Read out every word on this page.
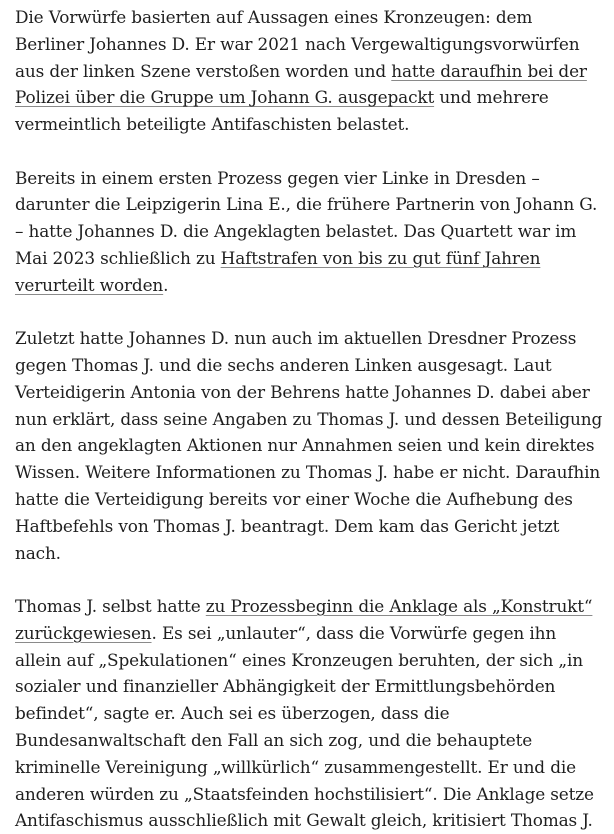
Die Vorwürfe basierten auf Aussagen eines Kronzeugen: dem Berliner Johannes D. Er war 2021 nach Vergewaltigungsvorwürfen aus der linken Szene verstoßen worden und hatte daraufhin bei der Polizei über die Gruppe um Johann G. ausgepackt und mehrere vermeintlich beteiligte Antifaschisten belastet.

Bereits in einem ersten Prozess gegen vier Linke in Dresden – darunter die Leipzigerin Lina E., die frühere Partnerin von Johann G. – hatte Johannes D. die Angeklagten belastet. Das Quartett war im Mai 2023 schließlich zu Haftstrafen von bis zu gut fünf Jahren verurteilt worden.

Zuletzt hatte Johannes D. nun auch im aktuellen Dresdner Prozess gegen Thomas J. und die sechs anderen Linken ausgesagt. Laut Verteidigerin Antonia von der Behrens hatte Johannes D. dabei aber nun erklärt, dass seine Angaben zu Thomas J. und dessen Beteiligung an den angeklagten Aktionen nur Annahmen seien und kein direktes Wissen. Weitere Informationen zu Thomas J. habe er nicht. Daraufhin hatte die Verteidigung bereits vor einer Woche die Aufhebung des Haftbefehls von Thomas J. beantragt. Dem kam das Gericht jetzt nach.

Thomas J. selbst hatte zu Prozessbeginn die Anklage als „Konstrukt“ zurückgewiesen. Es sei „unlauter“, dass die Vorwürfe gegen ihn allein auf „Spekulationen“ eines Kronzeugen beruhten, der sich „in sozialer und finanzieller Abhängigkeit der Ermittlungsbehörden befindet“, sagte er. Auch sei es überzogen, dass die Bundesanwaltschaft den Fall an sich zog, und die behauptete kriminelle Vereinigung „willkürlich“ zusammengestellt. Er und die anderen würden zu „Staatsfeinden hochstilisiert“. Die Anklage setze Antifaschismus ausschließlich mit Gewalt gleich, kritisiert Thomas J.
